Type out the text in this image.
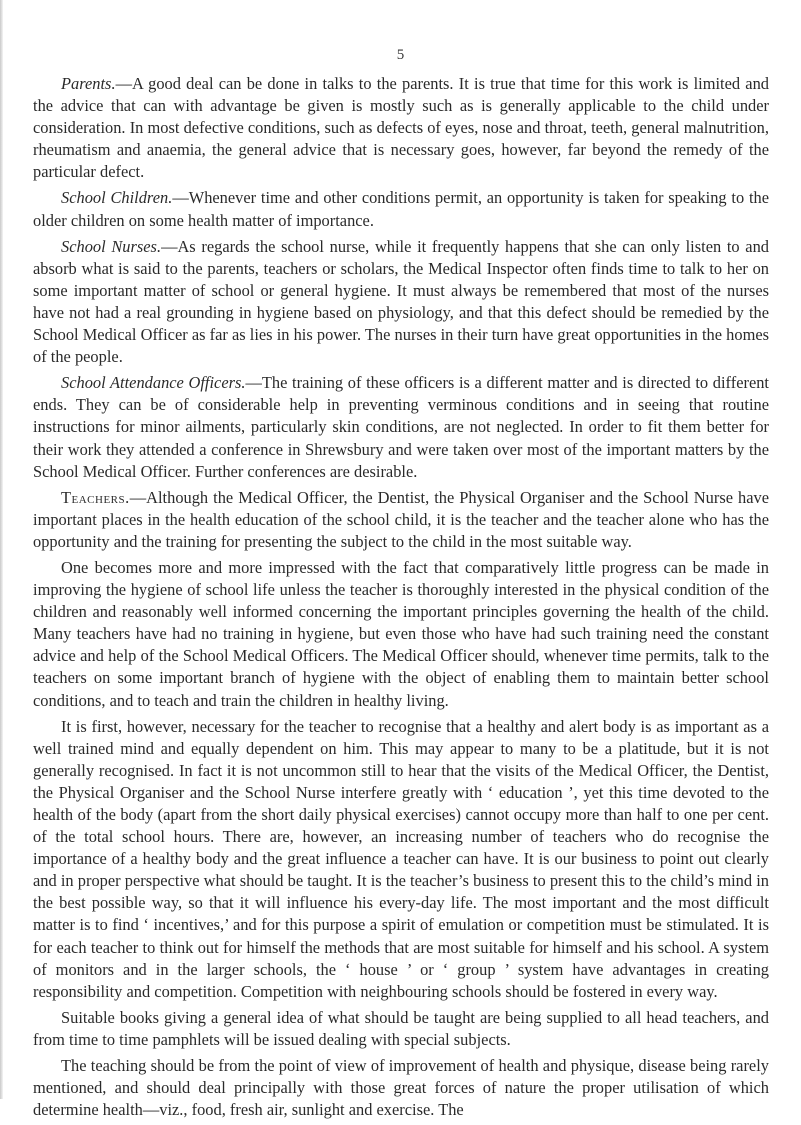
5

Parents.—A good deal can be done in talks to the parents. It is true that time for this work is limited and the advice that can with advantage be given is mostly such as is generally applicable to the child under consideration. In most defective conditions, such as defects of eyes, nose and throat, teeth, general malnutrition, rheumatism and anaemia, the general advice that is necessary goes, however, far beyond the remedy of the particular defect.

School Children.—Whenever time and other conditions permit, an opportunity is taken for speaking to the older children on some health matter of importance.

School Nurses.—As regards the school nurse, while it frequently happens that she can only listen to and absorb what is said to the parents, teachers or scholars, the Medical Inspector often finds time to talk to her on some important matter of school or general hygiene. It must always be remembered that most of the nurses have not had a real grounding in hygiene based on physiology, and that this defect should be remedied by the School Medical Officer as far as lies in his power. The nurses in their turn have great opportunities in the homes of the people.

School Attendance Officers.—The training of these officers is a different matter and is directed to different ends. They can be of considerable help in preventing verminous conditions and in seeing that routine instructions for minor ailments, particularly skin conditions, are not neglected. In order to fit them better for their work they attended a conference in Shrewsbury and were taken over most of the important matters by the School Medical Officer. Further conferences are desirable.

Teachers.—Although the Medical Officer, the Dentist, the Physical Organiser and the School Nurse have important places in the health education of the school child, it is the teacher and the teacher alone who has the opportunity and the training for presenting the subject to the child in the most suitable way.

One becomes more and more impressed with the fact that comparatively little progress can be made in improving the hygiene of school life unless the teacher is thoroughly interested in the physical condition of the children and reasonably well informed concerning the important principles governing the health of the child. Many teachers have had no training in hygiene, but even those who have had such training need the constant advice and help of the School Medical Officers. The Medical Officer should, whenever time permits, talk to the teachers on some important branch of hygiene with the object of enabling them to maintain better school conditions, and to teach and train the children in healthy living.

It is first, however, necessary for the teacher to recognise that a healthy and alert body is as important as a well trained mind and equally dependent on him. This may appear to many to be a platitude, but it is not generally recognised. In fact it is not uncommon still to hear that the visits of the Medical Officer, the Dentist, the Physical Organiser and the School Nurse interfere greatly with ‘ education ’, yet this time devoted to the health of the body (apart from the short daily physical exercises) cannot occupy more than half to one per cent. of the total school hours. There are, however, an increasing number of teachers who do recognise the importance of a healthy body and the great influence a teacher can have. It is our business to point out clearly and in proper perspective what should be taught. It is the teacher’s business to present this to the child’s mind in the best possible way, so that it will influence his every-day life. The most important and the most difficult matter is to find ‘ incentives,’ and for this purpose a spirit of emulation or competition must be stimulated. It is for each teacher to think out for himself the methods that are most suitable for himself and his school. A system of monitors and in the larger schools, the ‘ house ’ or ‘ group ’ system have advantages in creating responsibility and competition. Competition with neighbouring schools should be fostered in every way.

Suitable books giving a general idea of what should be taught are being supplied to all head teachers, and from time to time pamphlets will be issued dealing with special subjects.

The teaching should be from the point of view of improvement of health and physique, disease being rarely mentioned, and should deal principally with those great forces of nature the proper utilisation of which determine health—viz., food, fresh air, sunlight and exercise. The
